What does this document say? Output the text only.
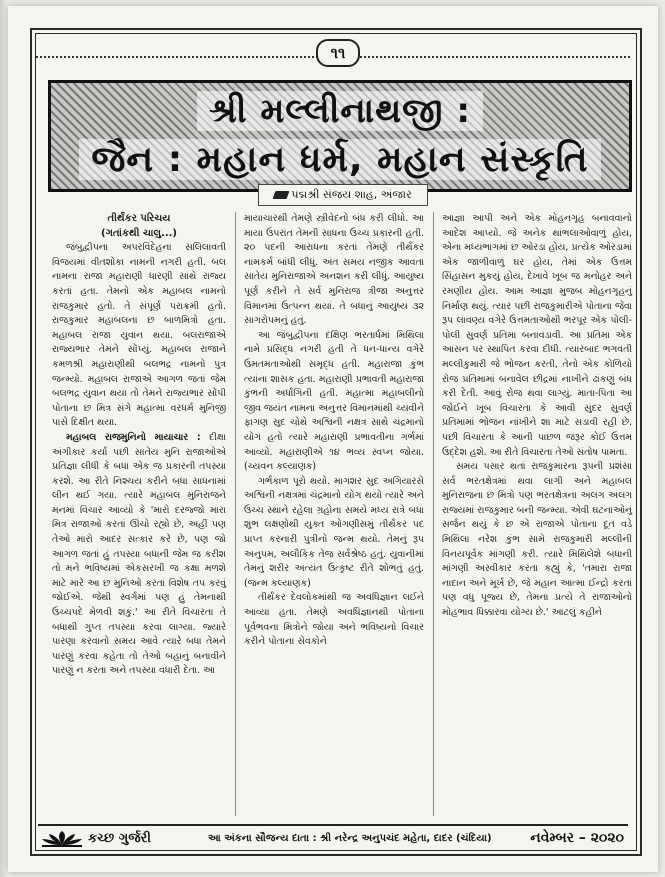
૧૧
શ્રી મલ્લીનાથજી :
જૈન : મહાન ધર્મ, મહાન સંસ્કૃતિ
પદ્મશ્રી સંજય શાહ, અંજાર

તીર્થંકર પરિચય

(ગતાંકથી ચાલુ...)

જંબુદ્વીપના અપરવિદેહના સલિલાવતી વિજયમાં વીતશોકા નામની નગરી હતી. બલ નામના રાજા મહારાણી ધારણી સાથે રાજ્ય કરતાં હતા. તેમનો એક મહાબલ નામનો રાજકુમાર હતો. તે સંપૂર્ણ પરાક્રમી હતો. રાજકુમાર મહાબલના છ બાળમિત્રો હતા. મહાબલ રાજા યુવાન થયા. બલરાજાએ રાજ્યભાર તેમને સોંપ્યું. મહાબલ રાજાને કમળશ્રી મહારાણીથી બલભદ્ર નામનો પુત્ર જન્મ્યો. મહાબલ રાજાએ આગળ જતાં જેમ બલભદ્ર યુવાન થયા તો તેમને રાજ્યભાર સોંપી પોતાના છ મિત્ર સંગે મહાત્મા વરધર્મ મુનિજી પાસે દિક્ષીત થયા.

મહાબલ રાજમુનિનો માયાચાર : દીક્ષા અંગીકાર કર્યા પછી સાતેય મુનિ રાજાઓએ પ્રતિજ્ઞા લીધી કે બધા એક જ પ્રકારની તપસ્યા કરશે. આ રીતે નિશ્ચય કરીને બધા સાધનામાં લીન થઈ ગયા. ત્યારે મહાબલ મુનિરાજને મનમાં વિચાર આવ્યો કે 'મારો દરજ્જો મારા મિત્ર રાજાઓ કરતાં ઊંચો રહ્યો છે, અહીં પણ તેઓ મારો આદર સત્કાર કરે છે, પણ જો આગળ જતાં હું તપસ્યા બધાની જેમ જ કરીશ તો મને ભવિષ્યમાં એકસરખી જ કક્ષા મળશે માટે મારે આ છ મુનિઓ કરતાં વિશેષ તપ કરવું જોઈએ. જેથી સ્વર્ગમાં પણ હું તેમનાથી ઉચ્ચપદે મેળવી શકું.' આ રીતે વિચારતા તે બધાથી ગુપ્ત તપસ્યા કરવા લાગ્યા. જ્યારે પારણા કરવાનો સમય આવે ત્યારે બધા તેમને પારણું કરવા કહેતા તો તેઓ બહાનું બનાવીને પારણું ન કરતા અને તપસ્યા વધારી દેતા. આ

માયાચારથી તેમણે સ્ત્રીવેદનો બંધ કરી લીધો. આ માયા ઉપરાંત તેમની સાધના ઉચ્ચ પ્રકારની હતી. ૨૦ પદની આરાધના કરતાં તેમણે તીર્થંકર નામકર્મ બાંધી લીધું. અંત સમય નજીક આવતા સાતેય મુનિરાજાએ અનશન કરી લીધું. આયુષ્ય પૂર્ણ કરીને તે સર્વ મુનિરાજ ત્રીજા અનુત્તર વિમાનમાં ઉત્પન્ન થયાં. તે બધાનું આયુષ્ય ૩૨ સાગરોપમનું હતું.

આ જંબુદ્વીપના દક્ષિણ ભરતાર્ધમાં મિથિલા નામે પ્રસિદ્ધ નગરી હતી તે ધન-ધાન્ય વગેરે ઉમતમતાઓથી સમૃદ્ધ હતી. મહારાજા કુંભ ત્યાંના શાસક હતા. મહારાણી પ્રભાવતી મહારાજા કુંભની અર્ધાંગિની હતી. મહાત્મા મહાબલીનો જીવ જયંત નામના અનુત્તર વિમાનમાંથી ચ્યવીને ફાગણ સુદ ચોથે અશ્વિની નક્ષત્ર સાથે ચંદ્રમાનો યોગ હતો ત્યારે મહારાણી પ્રભાવતીના ગર્ભમાં આવ્યો. મહારાણીએ ૧૪ ભવ્ય સ્વપ્ન જોયા. (ચ્યવન કલ્યાણક)

ગર્ભકાળ પૂરો થયો. માગશર સુદ અગિયારસે અશ્વિની નક્ષત્રમાં ચંદ્રમાનો યોગ થયો ત્યારે અને ઉચ્ચ સ્થાને રહેલા ગ્રહોના સમયે મધ્ય રાત્રે બધા શુભ લક્ષણોથી યુક્ત ઓગણીસમું તીર્થંકર પદ પ્રાપ્ત કરનારી પુત્રીનો જન્મ થયો. તેમનું રૂપ અનુપમ, અલૌકિક તેજ સર્વશ્રેષ્ઠ હતું. યુવાનીમાં તેમનું શરીર અત્યંત ઉત્કૃષ્ટ રીતે શોભતું હતું. (જન્મ કલ્યાણક)

તીર્થંકર દેવલોકમાંથી જ અવધિજ્ઞાન લઈને આવ્યા હતા. તેમણે અવધિજ્ઞાનથી પોતાના પૂર્વભવના મિત્રોને જોયા અને ભવિષ્યનો વિચાર કરીને પોતાના સેવકોને

આજ્ઞા આપી અને એક મોહનગૃહ બનાવવાનો આદેશ આપ્યો. જે અનેક થાંભલાઓવાળું હોય, એના મધ્યભાગમાં છ ઓરડા હોય, પ્રત્યેક ઓરડામાં એક જાળીવાળું ઘર હોય, તેમાં એક ઉત્તમ સિંહાસન મુકયું હોય, દેખાવે ખૂબ જ મનોહર અને રમણીય હોય. આમ આજ્ઞા મુજબ મોહનગૃહનું નિર્માણ થયું. ત્યાર પછી રાજકુમારીએ પોતાના જેવા રૂપ લાવણ્ય વગેરે ઉત્તમતાઓથી ભરપૂર એક પોલી-પોલી સુવર્ણ પ્રતિમા બનાવડાવી. આ પ્રતિમા એક આસન પર સ્થાપિત કરવા દીધી. ત્યારબાદ ભગવતી મલ્લીકુમારી જે ભોજન કરતી, તેનો એક કોળિયો રોજ પ્રતિમામાં બનાવેલ છીદ્રમાં નાખીને ઢાંકણું બંધ કરી દેતી. આવું રોજ થવા લાગ્યું. માતા-પિતા આ જોઈને ખૂબ વિચારતા કે આવી સુંદર સુવર્ણ પ્રતિમામાં ભોજન નાંખીને શા માટે સડાવી રહી છે. પછી વિચારતા કે આની પાછળ જરૂર કોઈ ઉત્તમ ઉદ્દેશ હશે. આ રીતે વિચારતા તેઓ સંતોષ પામતા.

સમય પસાર થતાં રાજકુમારના રૂપની પ્રશંસા સર્વ ભરતક્ષેત્રમાં થવા લાગી અને મહાબલ મુનિરાજના છ મિત્રો પણ ભરતક્ષેત્રના અલગ અલગ રાજ્યમાં રાજકુમાર બની જન્મ્યા. એવી ઘટનાઓનું સર્જન થયું કે છ એ રાજાએ પોતાના દૂત વડે મિથિલા નરેશ કુંભ સામે રાજકુમારી મલ્લીની વિનયપૂર્વક માંગણી કરી. ત્યારે મિથિલેશે બધાની માંગણી અસ્વીકાર કરતા કહ્યું કે, 'તમારા રાજા નાદાન અને મૂર્ખ છે, જે મહાન આત્મા ઈન્દ્રો કરતાં પણ વધુ પૂજ્ય છે, તેમના પ્રત્યે તે રાજાઓનો મોહભાવ ધિક્કારવા યોગ્ય છે.' આટલું કહીને

કચ્છ ગુર્જરી	આ અંકના સૌજન્ય દાતા : શ્રી નરેન્દ્ર અનુપચંદ મહેતા, દાદર (ચંદિયા)	નવેમ્બર – ૨૦૨૦
